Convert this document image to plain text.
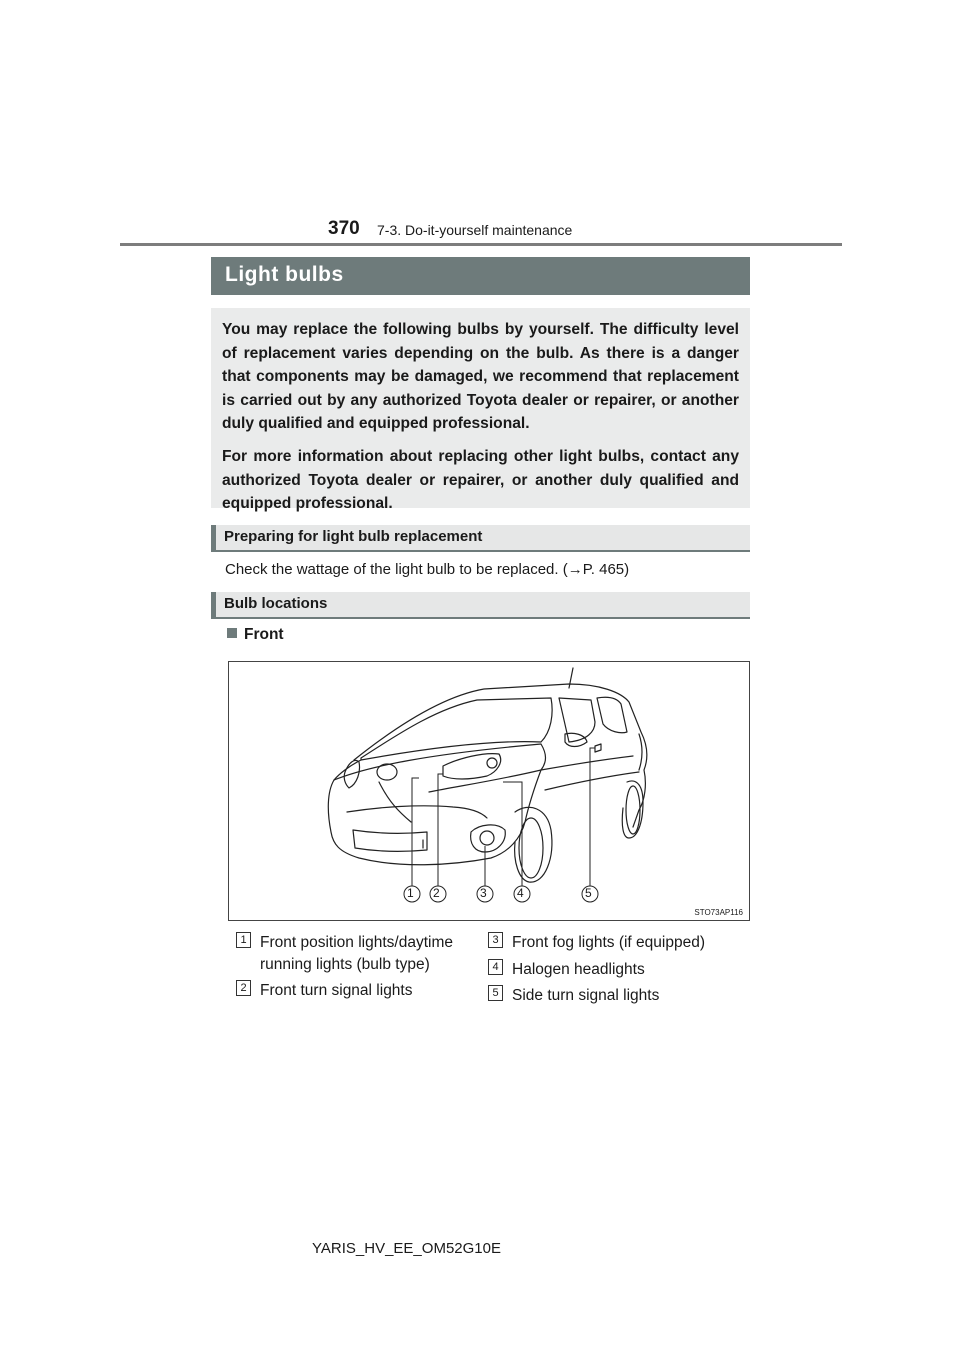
370 7-3. Do-it-yourself maintenance
Light bulbs

You may replace the following bulbs by yourself. The difficulty level of replacement varies depending on the bulb. As there is a danger that components may be damaged, we recommend that replacement is carried out by any authorized Toyota dealer or repairer, or another duly qualified and equipped professional.

For more information about replacing other light bulbs, contact any authorized Toyota dealer or repairer, or another duly qualified and equipped professional.

Preparing for light bulb replacement
Check the wattage of the light bulb to be replaced. (→P. 465)
Bulb locations
Front
1 2	3	4	5
STO73AP116
1 Front position lights/daytime
running lights (bulb type)
2 Front turn signal lights
3 Front fog lights (if equipped)
4 Halogen headlights
5 Side turn signal lights
YARIS_HV_EE_OM52G10E
